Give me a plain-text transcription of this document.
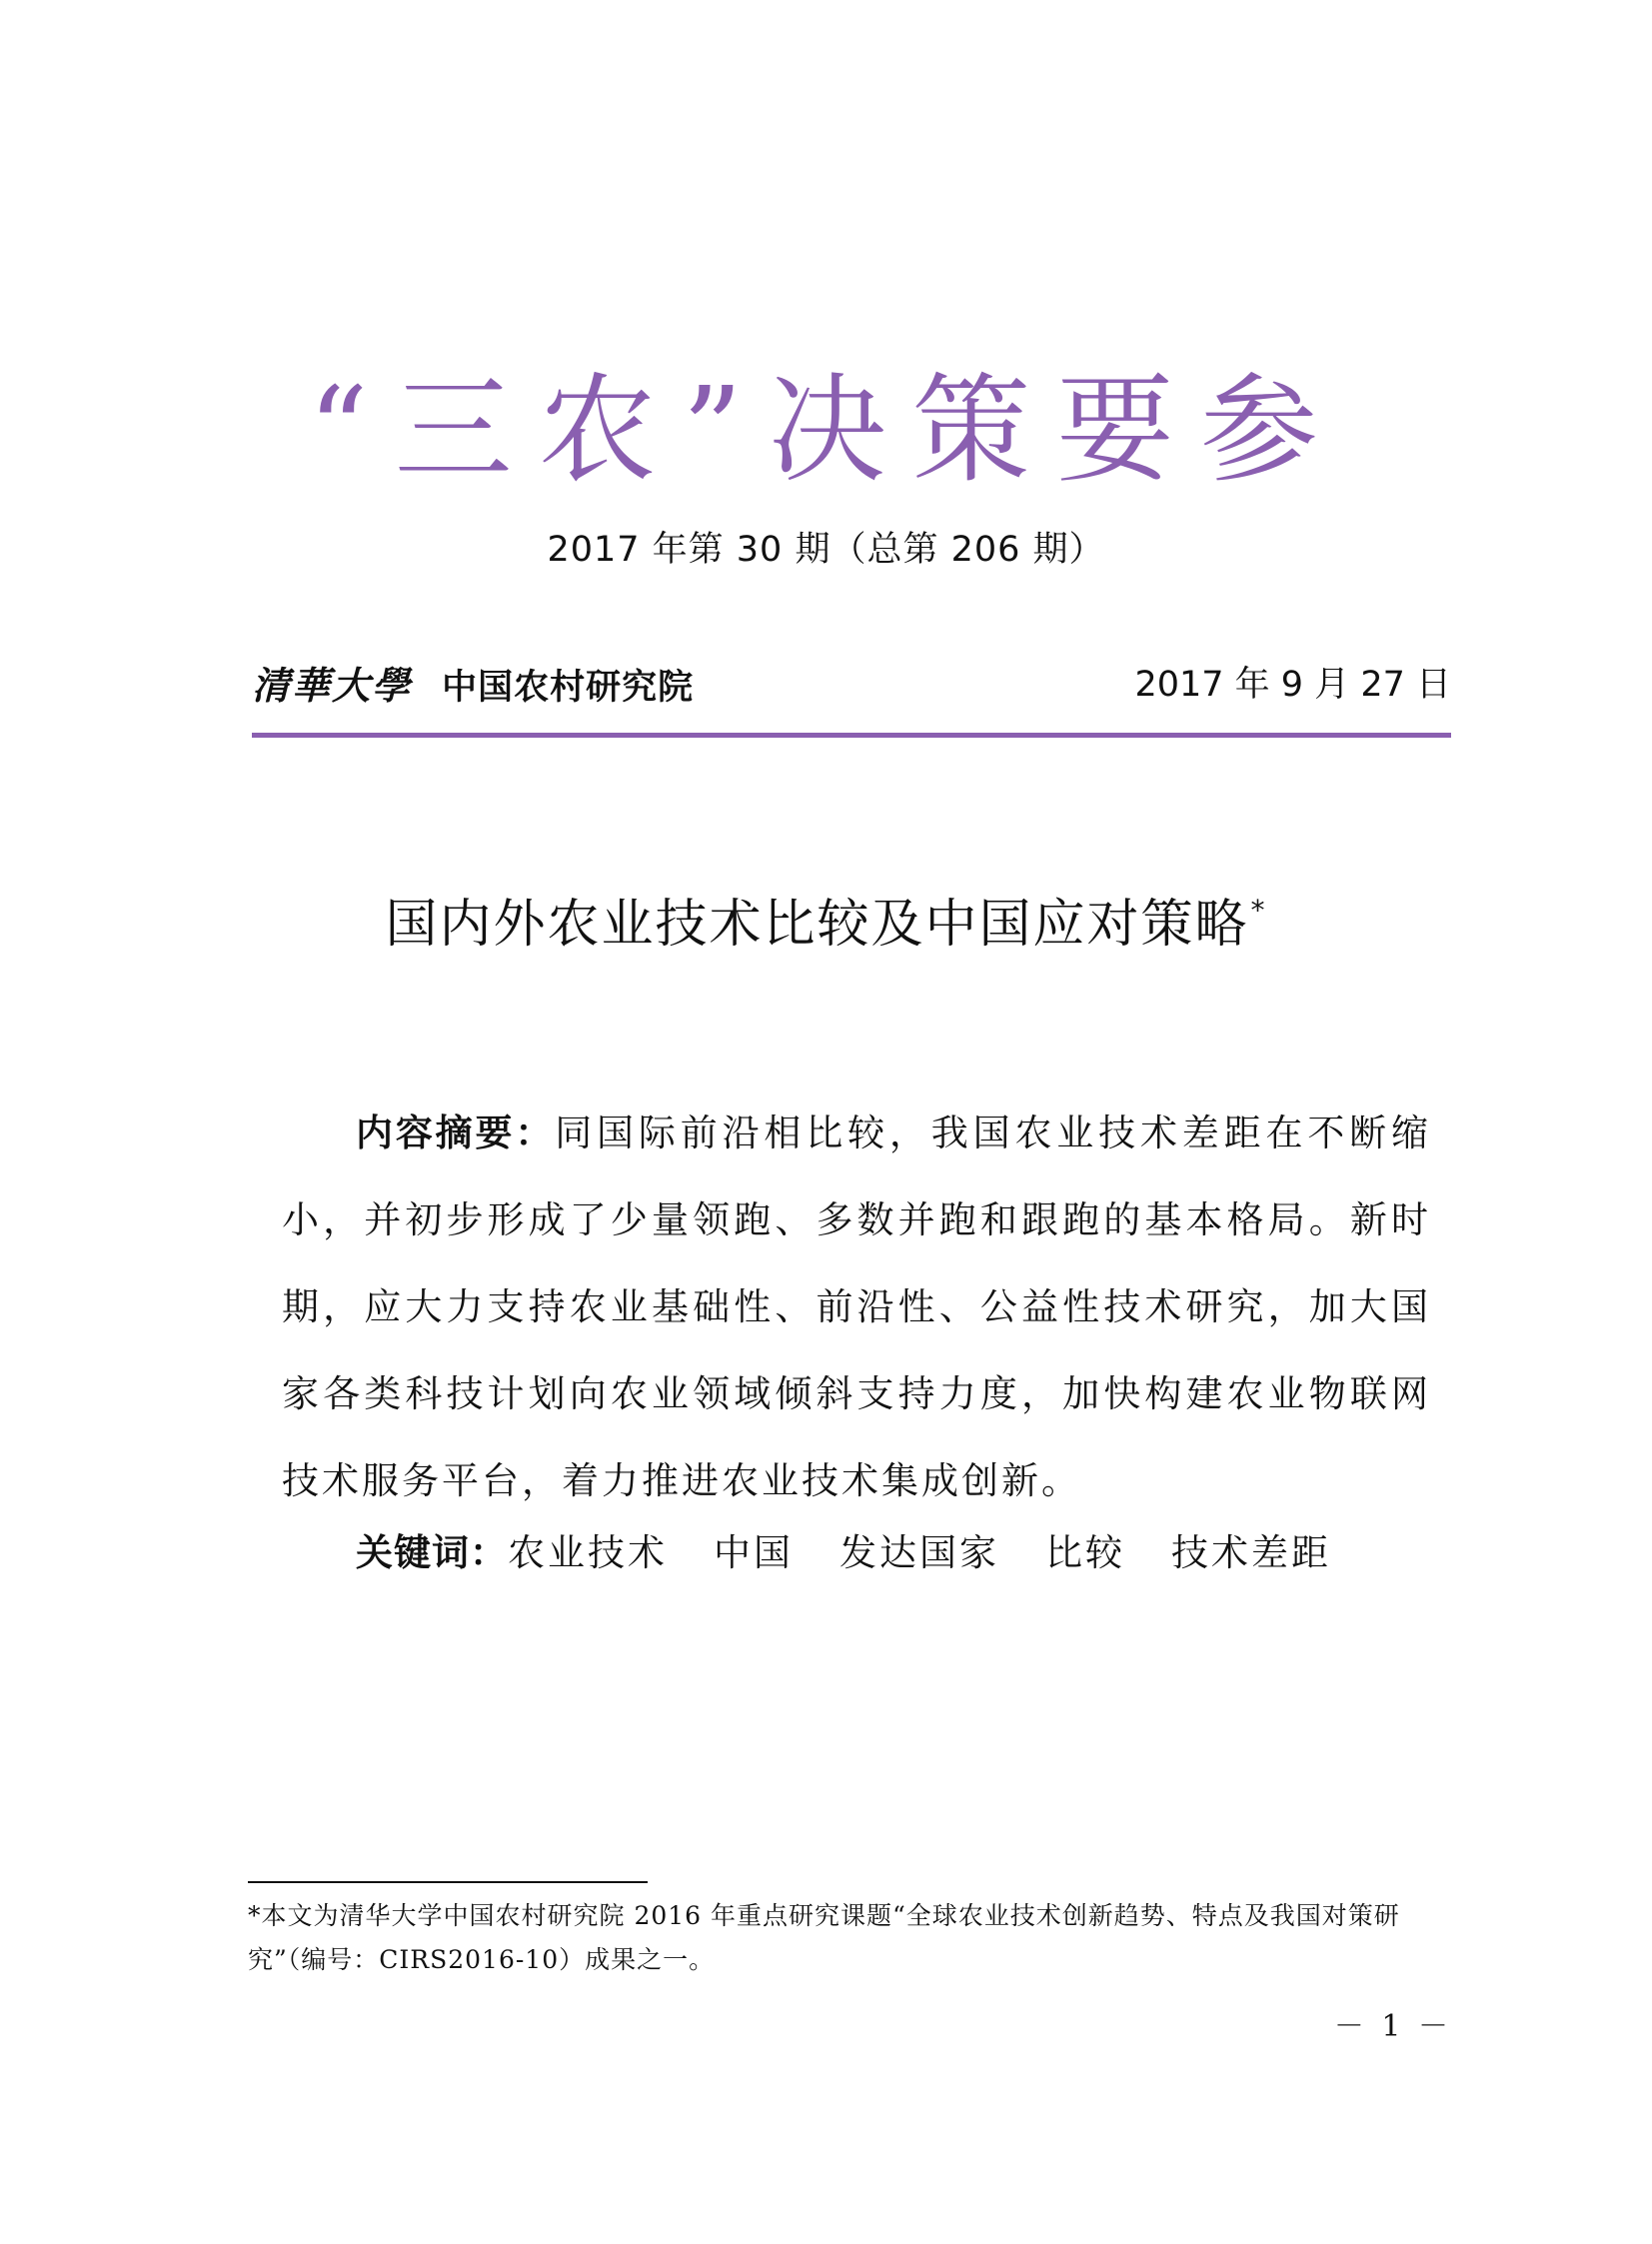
“三农”决策要参
2017 年第 30 期（总第 206 期）
清華大學 中国农村研究院	2017 年 9 月 27 日
国内外农业技术比较及中国应对策略*

内容摘要：同国际前沿相比较，我国农业技术差距在不断缩小，并初步形成了少量领跑、多数并跑和跟跑的基本格局。新时期，应大力支持农业基础性、前沿性、公益性技术研究，加大国家各类科技计划向农业领域倾斜支持力度，加快构建农业物联网技术服务平台，着力推进农业技术集成创新。

关键词：农业技术 中国 发达国家 比较 技术差距
*本文为清华大学中国农村研究院 2016 年重点研究课题“全球农业技术创新趋势、特点及我国对策研究”（编号：CIRS2016-10）成果之一。
－ 1 －
